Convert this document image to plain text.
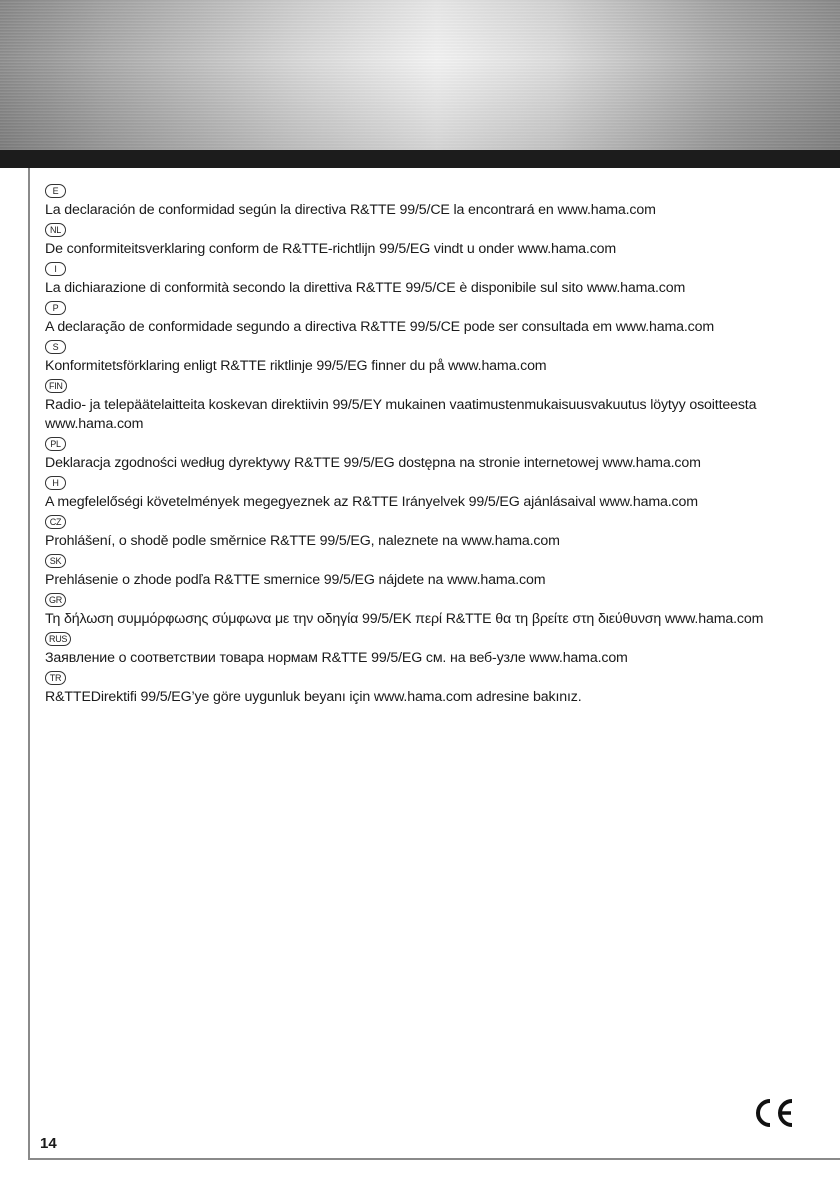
E
La declaración de conformidad según la directiva R&TTE 99/5/CE la encontrará en www.hama.com
NL
De conformiteitsverklaring conform de R&TTE-richtlijn 99/5/EG vindt u onder www.hama.com
I
La dichiarazione di conformità secondo la direttiva R&TTE 99/5/CE è disponibile sul sito www.hama.com
P
A declaração de conformidade segundo a directiva R&TTE 99/5/CE pode ser consultada em www.hama.com
S
Konformitetsförklaring enligt R&TTE riktlinje 99/5/EG finner du på www.hama.com
FIN
Radio- ja telepäätelaitteita koskevan direktiivin 99/5/EY mukainen vaatimustenmukaisuusvakuutus löytyy osoitteesta www.hama.com
PL
Deklaracja zgodności według dyrektywy R&TTE 99/5/EG dostępna na stronie internetowej www.hama.com
H
A megfelelőségi követelmények megegyeznek az R&TTE Irányelvek 99/5/EG ajánlásaival www.hama.com
CZ
Prohlášení, o shodě podle směrnice R&TTE 99/5/EG, naleznete na www.hama.com
SK
Prehlásenie o zhode podľa R&TTE smernice 99/5/EG nájdete na www.hama.com
GR
Τη δήλωση συμμόρφωσης σύμφωνα με την οδηγία 99/5/ΕΚ περί R&TTE θα τη βρείτε στη διεύθυνση www.hama.com
RUS
Заявление о соответствии товара нормам R&TTE 99/5/EG см. на веб-узле www.hama.com
TR
R&TTEDirektifi 99/5/EG’ye göre uygunluk beyanı için www.hama.com adresine bakınız.
14
